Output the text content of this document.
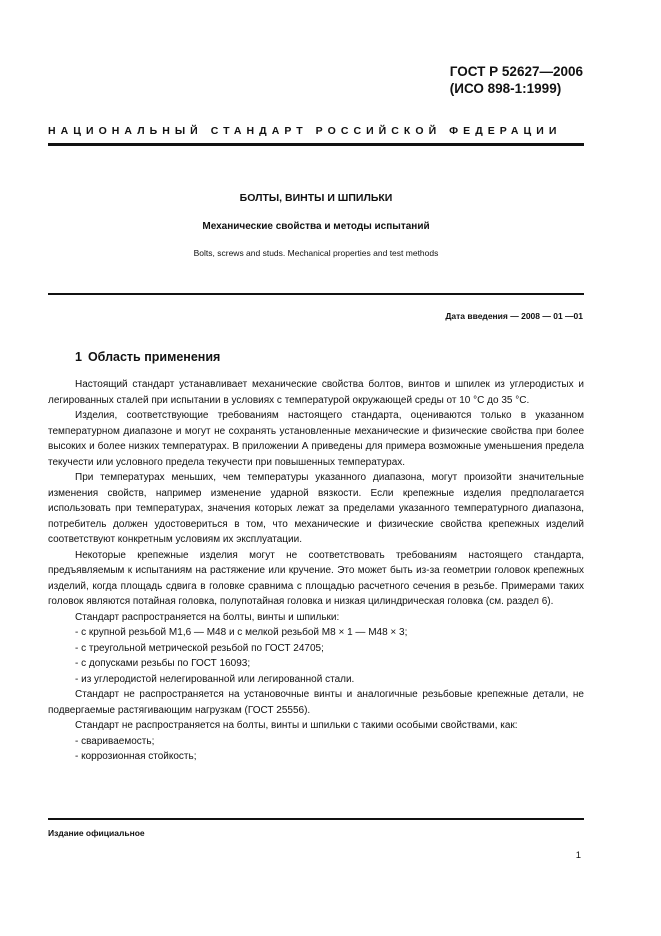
ГОСТ Р 52627—2006
(ИСО 898-1:1999)
НАЦИОНАЛЬНЫЙ СТАНДАРТ РОССИЙСКОЙ ФЕДЕРАЦИИ
БОЛТЫ, ВИНТЫ И ШПИЛЬКИ
Механические свойства и методы испытаний
Bolts, screws and studs. Mechanical properties and test methods
Дата введения — 2008 — 01 —01
1 Область применения

Настоящий стандарт устанавливает механические свойства болтов, винтов и шпилек из углеродистых и легированных сталей при испытании в условиях с температурой окружающей среды от 10 °С до 35 °С.

Изделия, соответствующие требованиям настоящего стандарта, оцениваются только в указанном температурном диапазоне и могут не сохранять установленные механические и физические свойства при более высоких и более низких температурах. В приложении А приведены для примера возможные уменьшения предела текучести или условного предела текучести при повышенных температурах.

При температурах меньших, чем температуры указанного диапазона, могут произойти значительные изменения свойств, например изменение ударной вязкости. Если крепежные изделия предполагается использовать при температурах, значения которых лежат за пределами указанного температурного диапазона, потребитель должен удостовериться в том, что механические и физические свойства крепежных изделий соответствуют конкретным условиям их эксплуатации.

Некоторые крепежные изделия могут не соответствовать требованиям настоящего стандарта, предъявляемым к испытаниям на растяжение или кручение. Это может быть из-за геометрии головок крепежных изделий, когда площадь сдвига в головке сравнима с площадью расчетного сечения в резьбе. Примерами таких головок являются потайная головка, полупотайная головка и низкая цилиндрическая головка (см. раздел 6).

Стандарт распространяется на болты, винты и шпильки:

- с крупной резьбой М1,6 — М48 и с мелкой резьбой М8 × 1 — М48 × 3;
- с треугольной метрической резьбой по ГОСТ 24705;
- с допусками резьбы по ГОСТ 16093;
- из углеродистой нелегированной или легированной стали.

Стандарт не распространяется на установочные винты и аналогичные резьбовые крепежные детали, не подвергаемые растягивающим нагрузкам (ГОСТ 25556).

Стандарт не распространяется на болты, винты и шпильки с такими особыми свойствами, как:

- свариваемость;
- коррозионная стойкость;
Издание официальное
1
